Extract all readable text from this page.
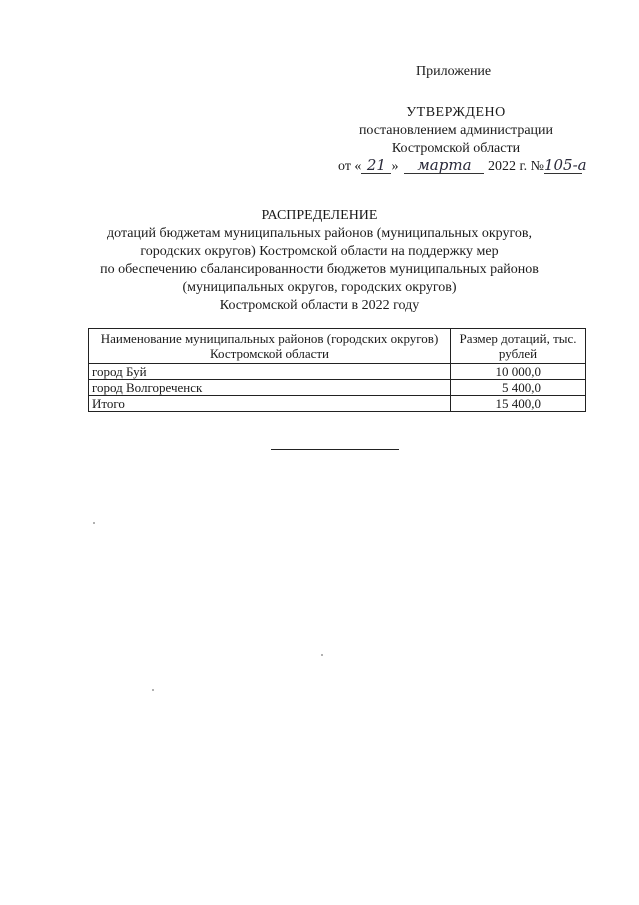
Приложение
УТВЕРЖДЕНО
постановлением администрации
Костромской области
от « 21 » марта 2022 г. №105-а
РАСПРЕДЕЛЕНИЕ
дотаций бюджетам муниципальных районов (муниципальных округов,
городских округов) Костромской области на поддержку мер
по обеспечению сбалансированности бюджетов муниципальных районов
(муниципальных округов, городских округов)
Костромской области в 2022 году
Наименование муниципальных районов (городских округов) Костромской области	Размер дотаций, тыс. рублей
город Буй	10 000,0
город Волгореченск	5 400,0
Итого	15 400,0
